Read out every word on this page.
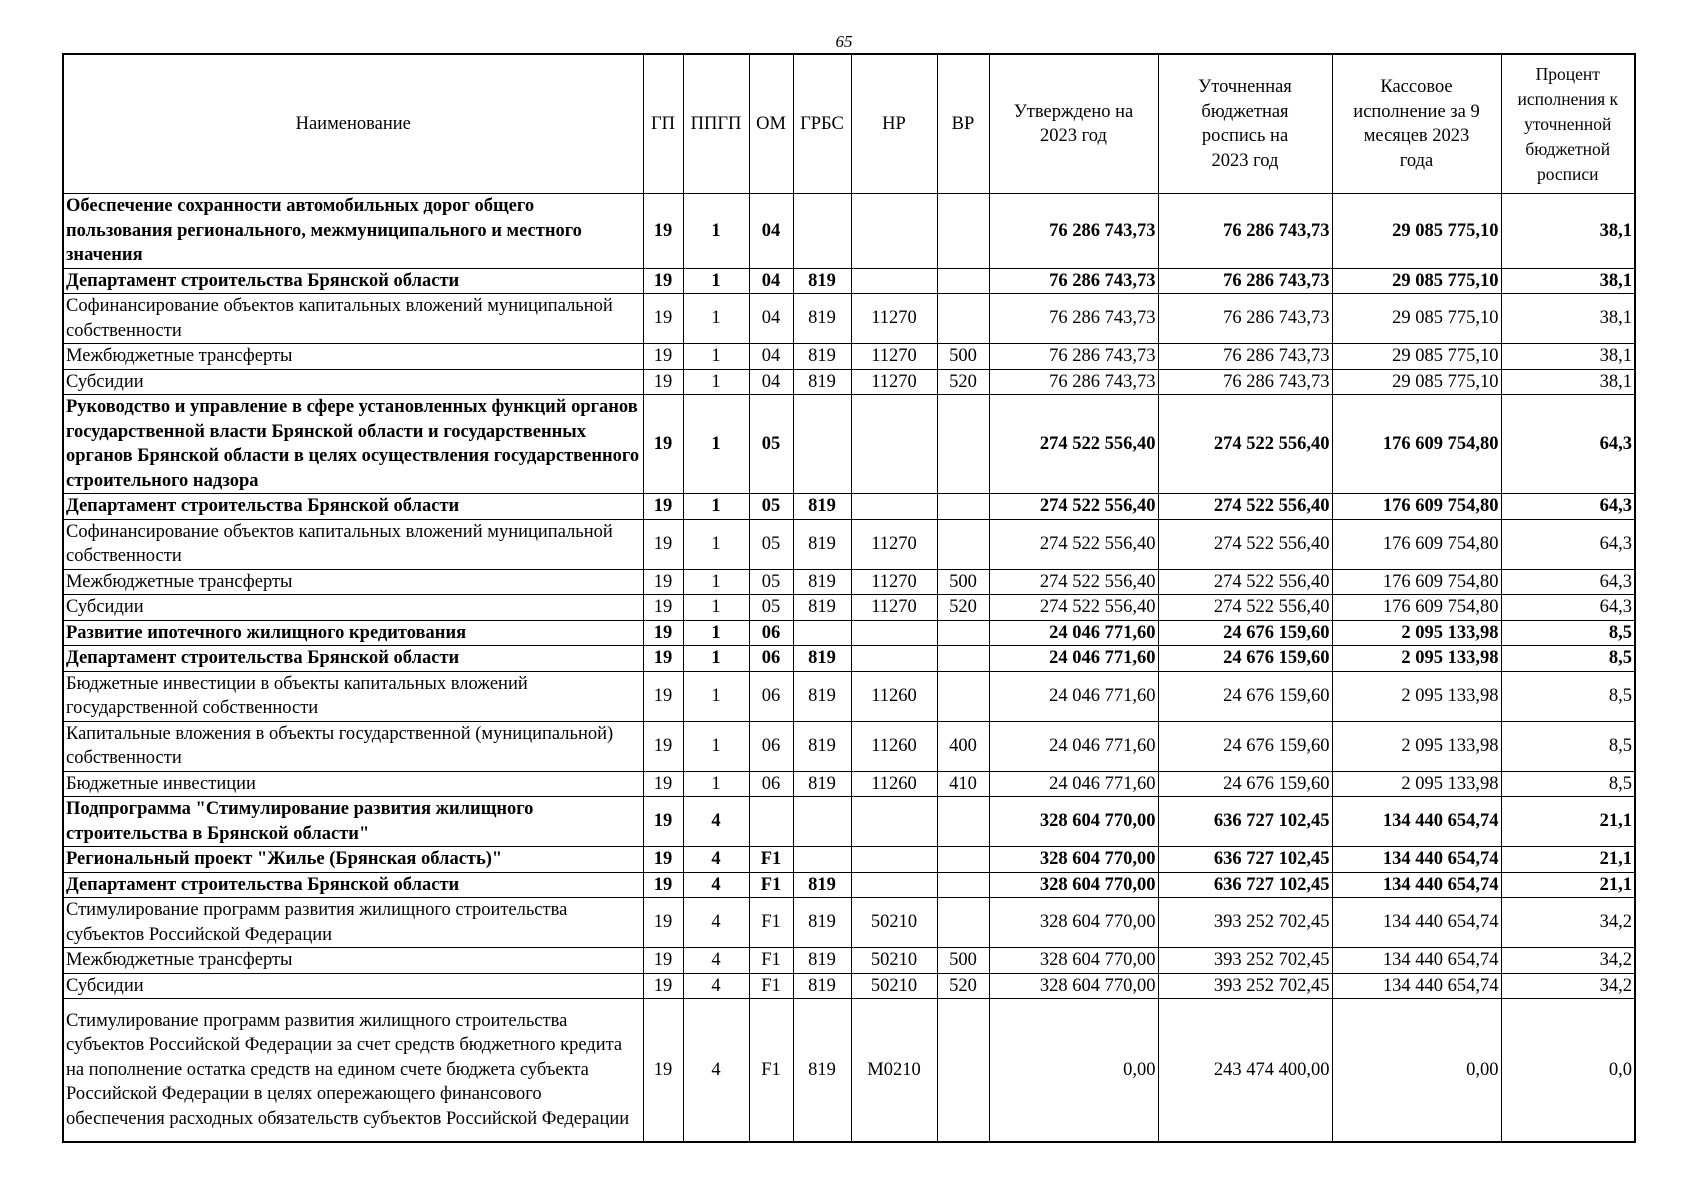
65
Наименование	ГП	ППГП	ОМ	ГРБС	НР	ВР	Утверждено на 2023 год	Уточненная бюджетная роспись на 2023 год	Кассовое исполнение за 9 месяцев 2023 года	Процент исполнения к уточненной бюджетной росписи
Обеспечение сохранности автомобильных дорог общего пользования регионального, межмуниципального и местного значения	19	1	04				76 286 743,73	76 286 743,73	29 085 775,10	38,1
Департамент строительства Брянской области	19	1	04	819			76 286 743,73	76 286 743,73	29 085 775,10	38,1
Софинансирование объектов капитальных вложений муниципальной собственности	19	1	04	819	11270		76 286 743,73	76 286 743,73	29 085 775,10	38,1
Межбюджетные трансферты	19	1	04	819	11270	500	76 286 743,73	76 286 743,73	29 085 775,10	38,1
Субсидии	19	1	04	819	11270	520	76 286 743,73	76 286 743,73	29 085 775,10	38,1
Руководство и управление в сфере установленных функций органов государственной власти Брянской области и государственных органов Брянской области в целях осуществления государственного строительного надзора	19	1	05				274 522 556,40	274 522 556,40	176 609 754,80	64,3
Департамент строительства Брянской области	19	1	05	819			274 522 556,40	274 522 556,40	176 609 754,80	64,3
Софинансирование объектов капитальных вложений муниципальной собственности	19	1	05	819	11270		274 522 556,40	274 522 556,40	176 609 754,80	64,3
Межбюджетные трансферты	19	1	05	819	11270	500	274 522 556,40	274 522 556,40	176 609 754,80	64,3
Субсидии	19	1	05	819	11270	520	274 522 556,40	274 522 556,40	176 609 754,80	64,3
Развитие ипотечного жилищного кредитования	19	1	06				24 046 771,60	24 676 159,60	2 095 133,98	8,5
Департамент строительства Брянской области	19	1	06	819			24 046 771,60	24 676 159,60	2 095 133,98	8,5
Бюджетные инвестиции в объекты капитальных вложений государственной собственности	19	1	06	819	11260		24 046 771,60	24 676 159,60	2 095 133,98	8,5
Капитальные вложения в объекты государственной (муниципальной) собственности	19	1	06	819	11260	400	24 046 771,60	24 676 159,60	2 095 133,98	8,5
Бюджетные инвестиции	19	1	06	819	11260	410	24 046 771,60	24 676 159,60	2 095 133,98	8,5
Подпрограмма "Стимулирование развития жилищного строительства в Брянской области"	19	4					328 604 770,00	636 727 102,45	134 440 654,74	21,1
Региональный проект "Жилье (Брянская область)"	19	4	F1				328 604 770,00	636 727 102,45	134 440 654,74	21,1
Департамент строительства Брянской области	19	4	F1	819			328 604 770,00	636 727 102,45	134 440 654,74	21,1
Стимулирование программ развития жилищного строительства субъектов Российской Федерации	19	4	F1	819	50210		328 604 770,00	393 252 702,45	134 440 654,74	34,2
Межбюджетные трансферты	19	4	F1	819	50210	500	328 604 770,00	393 252 702,45	134 440 654,74	34,2
Субсидии	19	4	F1	819	50210	520	328 604 770,00	393 252 702,45	134 440 654,74	34,2
Стимулирование программ развития жилищного строительства субъектов Российской Федерации за счет средств бюджетного кредита на пополнение остатка средств на едином счете бюджета субъекта Российской Федерации в целях опережающего финансового обеспечения расходных обязательств субъектов Российской Федерации	19	4	F1	819	M0210		0,00	243 474 400,00	0,00	0,0
